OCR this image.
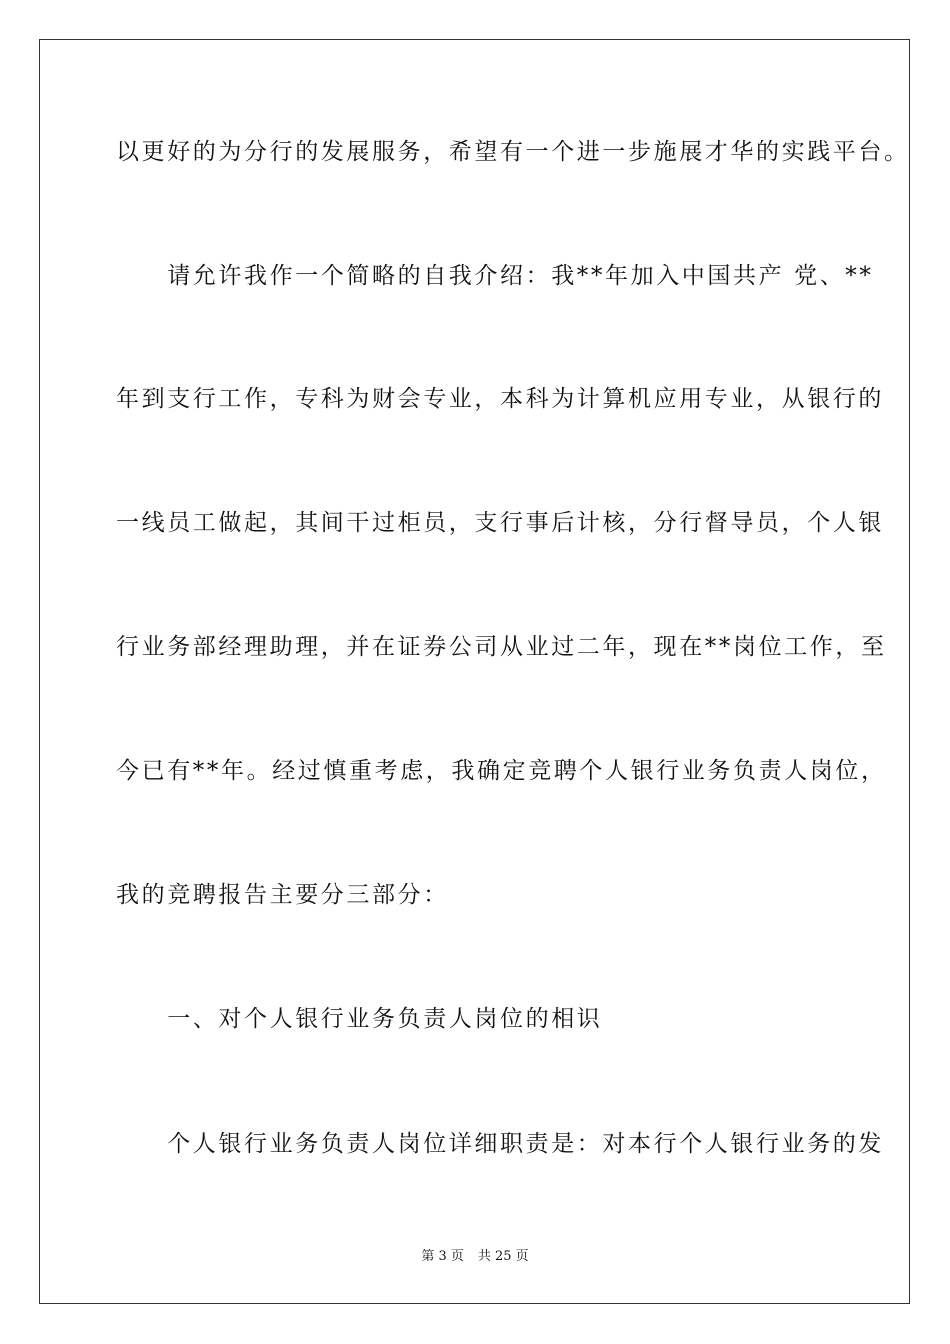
以更好的为分行的发展服务，希望有一个进一步施展才华的实践平台。
　　请允许我作一个简略的自我介绍：我**年加入中国共产 党、**
年到支行工作，专科为财会专业，本科为计算机应用专业，从银行的
一线员工做起，其间干过柜员，支行事后计核，分行督导员，个人银
行业务部经理助理，并在证券公司从业过二年，现在**岗位工作，至
今已有**年。经过慎重考虑，我确定竞聘个人银行业务负责人岗位，
我的竞聘报告主要分三部分：
　　一、对个人银行业务负责人岗位的相识
　　个人银行业务负责人岗位详细职责是：对本行个人银行业务的发
第 3 页 共 25 页
